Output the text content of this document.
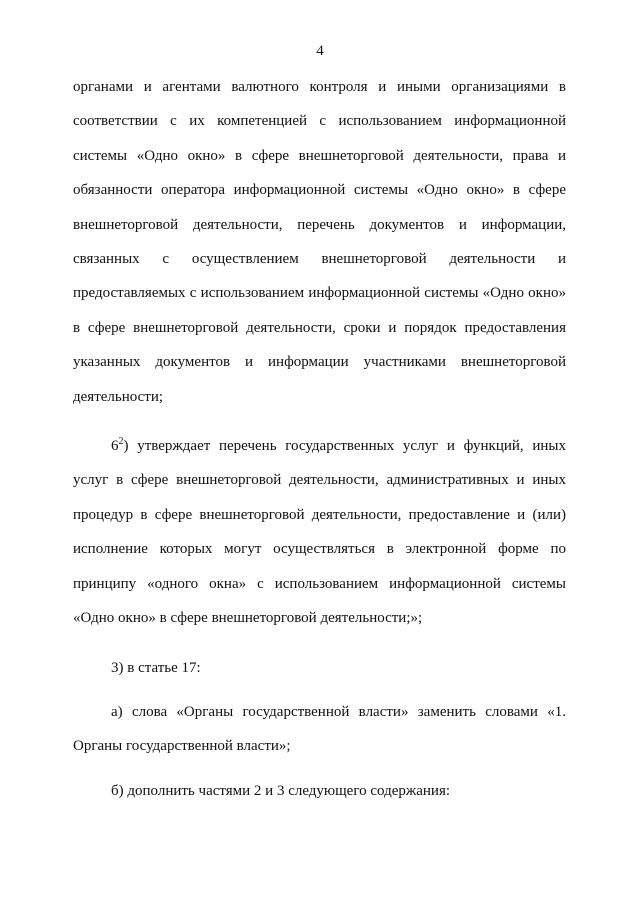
4

органами и агентами валютного контроля и иными организациями в соответствии с их компетенцией с использованием информационной системы «Одно окно» в сфере внешнеторговой деятельности, права и обязанности оператора информационной системы «Одно окно» в сфере внешнеторговой деятельности, перечень документов и информации, связанных с осуществлением внешнеторговой деятельности и предоставляемых с использованием информационной системы «Одно окно» в сфере внешнеторговой деятельности, сроки и порядок предоставления указанных документов и информации участниками внешнеторговой деятельности;

$6^2$) утверждает перечень государственных услуг и функций, иных услуг в сфере внешнеторговой деятельности, административных и иных процедур в сфере внешнеторговой деятельности, предоставление и (или) исполнение которых могут осуществляться в электронной форме по принципу «одного окна» с использованием информационной системы «Одно окно» в сфере внешнеторговой деятельности;»;

3) в статье 17:

а) слова «Органы государственной власти» заменить словами «1. Органы государственной власти»;

б) дополнить частями 2 и 3 следующего содержания:
